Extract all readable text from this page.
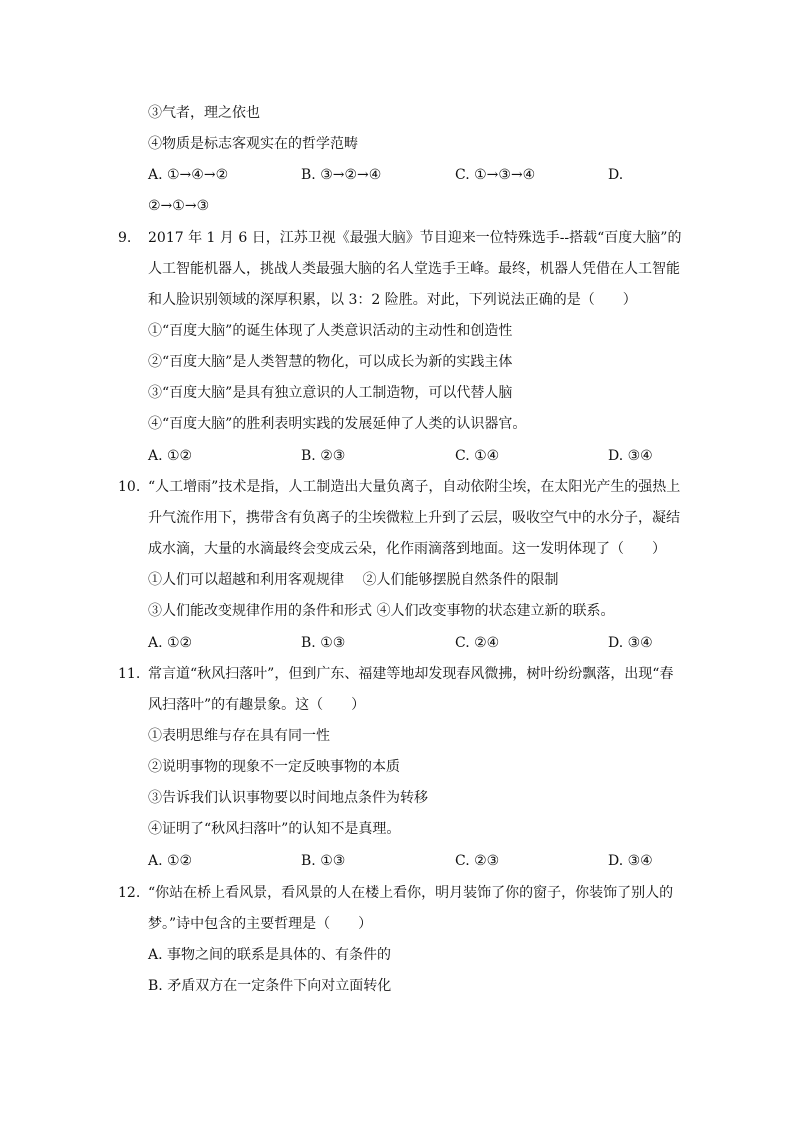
③气者，理之依也
④物质是标志客观实在的哲学范畴
A. ①→④→②	B. ③→②→④	C. ①→③→④	D.
②→①→③
9. 2017 年 1 月 6 日，江苏卫视《最强大脑》节目迎来一位特殊选手--搭载“百度大脑”的
人工智能机器人，挑战人类最强大脑的名人堂选手王峰。最终，机器人凭借在人工智能
和人脸识别领域的深厚积累，以 3：2 险胜。对此，下列说法正确的是（　　）
①“百度大脑”的诞生体现了人类意识活动的主动性和创造性
②“百度大脑”是人类智慧的物化，可以成长为新的实践主体
③“百度大脑”是具有独立意识的人工制造物，可以代替人脑
④“百度大脑”的胜利表明实践的发展延伸了人类的认识器官。
A. ①②	B. ②③	C. ①④	D. ③④
10. “人工增雨”技术是指，人工制造出大量负离子，自动依附尘埃，在太阳光产生的强热上
升气流作用下，携带含有负离子的尘埃微粒上升到了云层，吸收空气中的水分子，凝结
成水滴，大量的水滴最终会变成云朵，化作雨滴落到地面。这一发明体现了（　　）
①人们可以超越和利用客观规律　 ②人们能够摆脱自然条件的限制
③人们能改变规律作用的条件和形式 ④人们改变事物的状态建立新的联系。
A. ①②	B. ①③	C. ②④	D. ③④
11. 常言道“秋风扫落叶”，但到广东、福建等地却发现春风微拂，树叶纷纷飘落，出现“春
风扫落叶”的有趣景象。这（　　）
①表明思维与存在具有同一性
②说明事物的现象不一定反映事物的本质
③告诉我们认识事物要以时间地点条件为转移
④证明了“秋风扫落叶”的认知不是真理。
A. ①②	B. ①③	C. ②③	D. ③④
12. “你站在桥上看风景，看风景的人在楼上看你，明月装饰了你的窗子，你装饰了别人的
梦。”诗中包含的主要哲理是（　　）
A. 事物之间的联系是具体的、有条件的
B. 矛盾双方在一定条件下向对立面转化
